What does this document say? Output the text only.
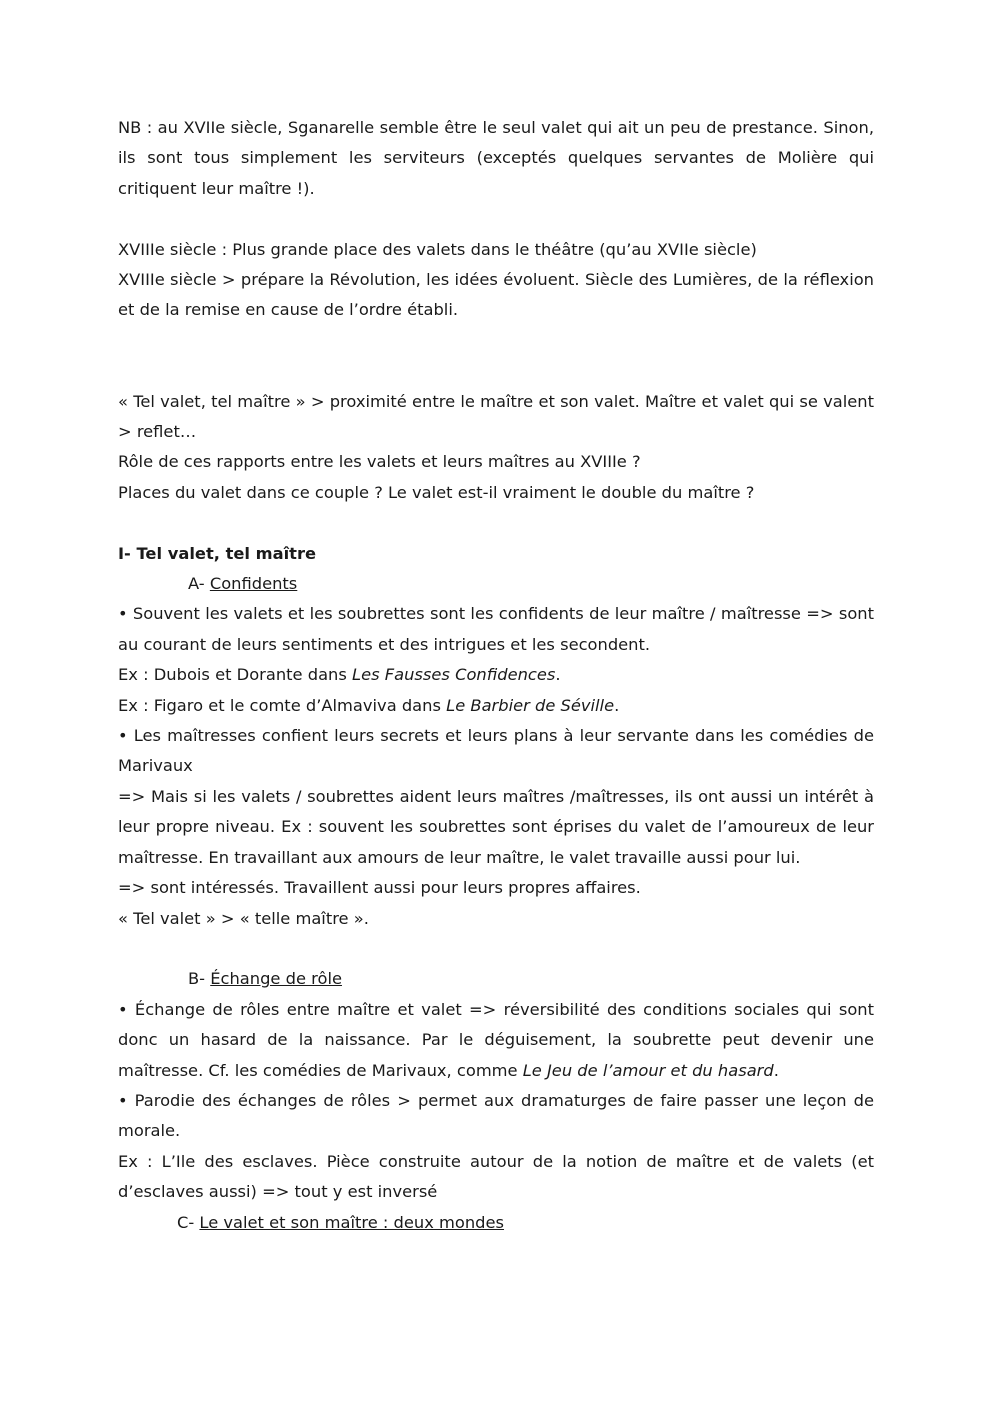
NB : au XVIIe siècle, Sganarelle semble être le seul valet qui ait un peu de prestance. Sinon, ils sont tous simplement les serviteurs (exceptés quelques servantes de Molière qui critiquent leur maître !).

XVIIIe siècle : Plus grande place des valets dans le théâtre (qu’au XVIIe siècle)

XVIIIe siècle > prépare la Révolution, les idées évoluent. Siècle des Lumières, de la réflexion et de la remise en cause de l’ordre établi.

« Tel valet, tel maître » > proximité entre le maître et son valet. Maître et valet qui se valent > reflet…

Rôle de ces rapports entre les valets et leurs maîtres au XVIIIe ?

Places du valet dans ce couple ? Le valet est-il vraiment le double du maître ?

I- Tel valet, tel maître

A- Confidents

• Souvent les valets et les soubrettes sont les confidents de leur maître / maîtresse => sont au courant de leurs sentiments et des intrigues et les secondent.

Ex : Dubois et Dorante dans Les Fausses Confidences.

Ex : Figaro et le comte d’Almaviva dans Le Barbier de Séville.

• Les maîtresses confient leurs secrets et leurs plans à leur servante dans les comédies de Marivaux

=> Mais si les valets / soubrettes aident leurs maîtres /maîtresses, ils ont aussi un intérêt à leur propre niveau. Ex : souvent les soubrettes sont éprises du valet de l’amoureux de leur maîtresse. En travaillant aux amours de leur maître, le valet travaille aussi pour lui.

=> sont intéressés. Travaillent aussi pour leurs propres affaires.

« Tel valet » > « telle maître ».

B- Échange de rôle

• Échange de rôles entre maître et valet => réversibilité des conditions sociales qui sont donc un hasard de la naissance. Par le déguisement, la soubrette peut devenir une maîtresse. Cf. les comédies de Marivaux, comme Le Jeu de l’amour et du hasard.

• Parodie des échanges de rôles > permet aux dramaturges de faire passer une leçon de morale.

Ex : L’Ile des esclaves. Pièce construite autour de la notion de maître et de valets (et d’esclaves aussi) => tout y est inversé

C- Le valet et son maître : deux mondes
